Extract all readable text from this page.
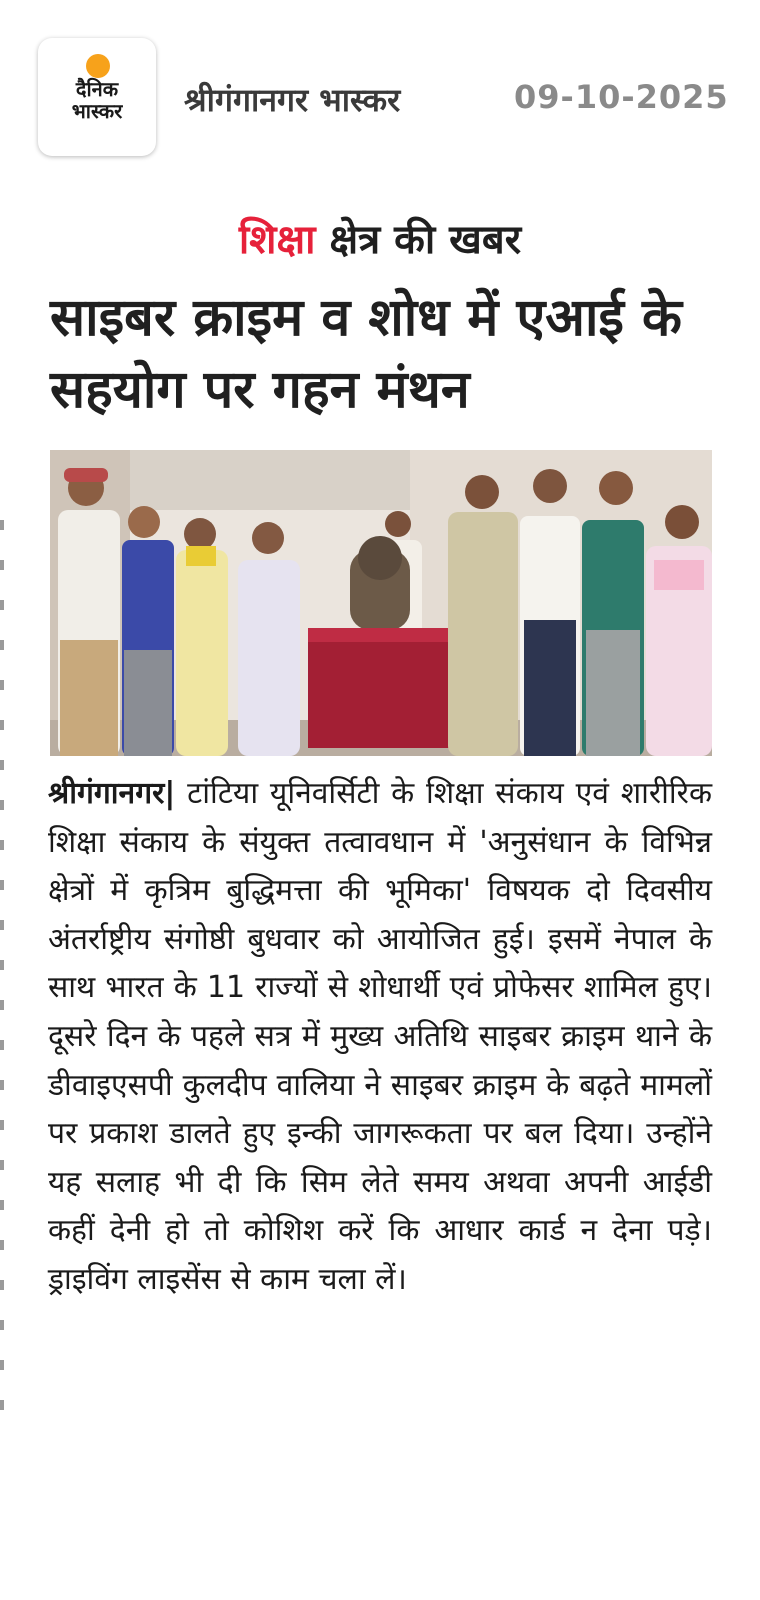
दैनिक
भास्कर	श्रीगंगानगर भास्कर	09-10-2025
शिक्षा क्षेत्र की खबर
साइबर क्राइम व शोध में एआई के सहयोग पर गहन मंथन
श्रीगंगानगर| टांटिया यूनिवर्सिटी के शिक्षा संकाय एवं शारीरिक शिक्षा संकाय के संयुक्त तत्वावधान में 'अनुसंधान के विभिन्न क्षेत्रों में कृत्रिम बुद्धिमत्ता की भूमिका' विषयक दो दिवसीय अंतर्राष्ट्रीय संगोष्ठी बुधवार को आयोजित हुई। इसमें नेपाल के साथ भारत के 11 राज्यों से शोधार्थी एवं प्रोफेसर शामिल हुए। दूसरे दिन के पहले सत्र में मुख्य अतिथि साइबर क्राइम थाने के डीवाइएसपी कुलदीप वालिया ने साइबर क्राइम के बढ़ते मामलों पर प्रकाश डालते हुए इन्की जागरूकता पर बल दिया। उन्होंने यह सलाह भी दी कि सिम लेते समय अथवा अपनी आईडी कहीं देनी हो तो कोशिश करें कि आधार कार्ड न देना पड़े। ड्राइविंग लाइसेंस से काम चला लें।
